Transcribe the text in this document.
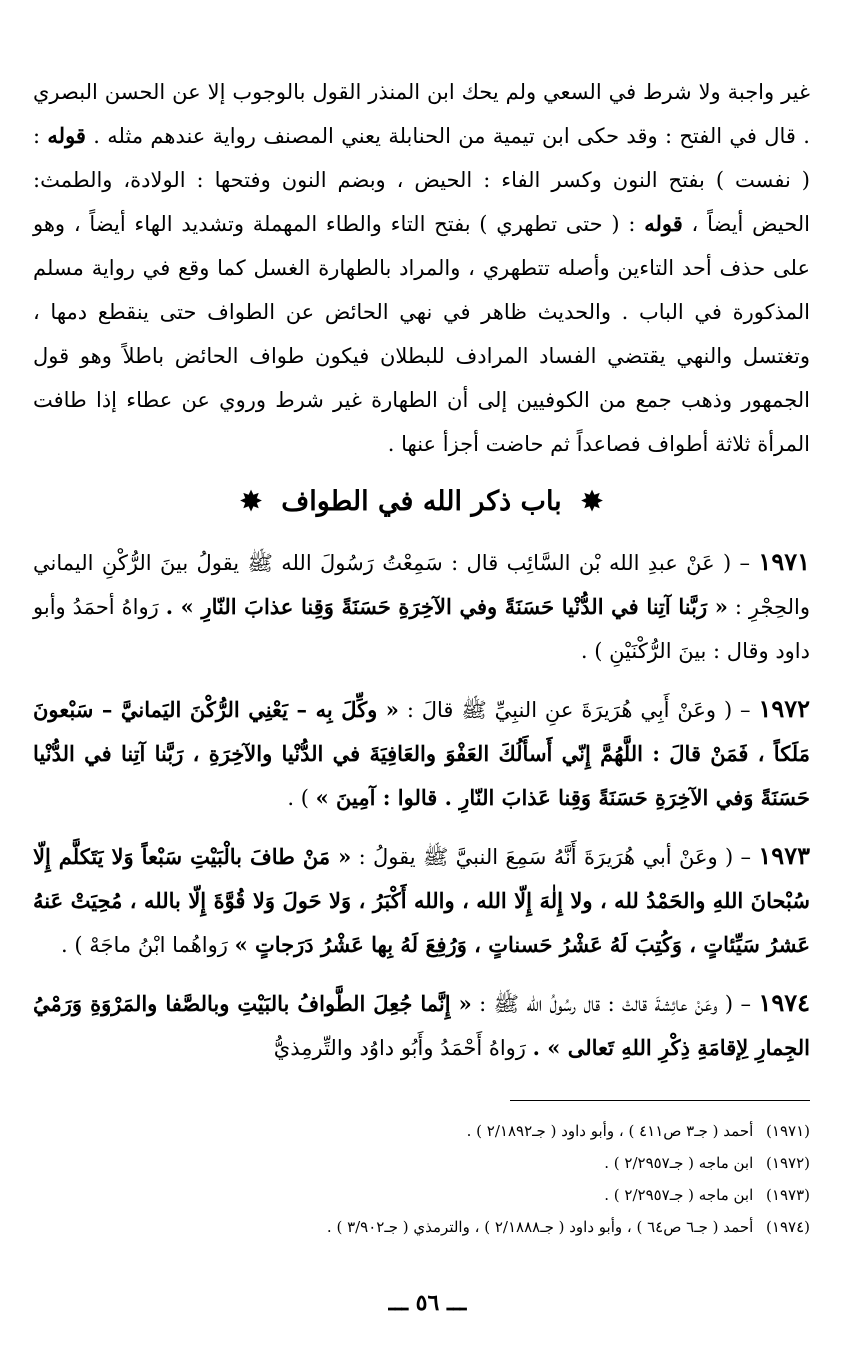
غير واجبة ولا شرط في السعي ولم يحك ابن المنذر القول بالوجوب إلا عن الحسن البصري . قال في الفتح : وقد حكى ابن تيمية من الحنابلة يعني المصنف رواية عندهم مثله . قوله : ( نفست ) بفتح النون وكسر الفاء : الحيض ، وبضم النون وفتحها : الولادة، والطمث: الحيض أيضاً ، قوله : ( حتى تطهري ) بفتح التاء والطاء المهملة وتشديد الهاء أيضاً ، وهو على حذف أحد التاءين وأصله تتطهري ، والمراد بالطهارة الغسل كما وقع في رواية مسلم المذكورة في الباب . والحديث ظاهر في نهي الحائض عن الطواف حتى ينقطع دمها ، وتغتسل والنهي يقتضي الفساد المرادف للبطلان فيكون طواف الحائض باطلاً وهو قول الجمهور وذهب جمع من الكوفيين إلى أن الطهارة غير شرط وروي عن عطاء إذا طافت المرأة ثلاثة أطواف فصاعداً ثم حاضت أجزأ عنها .

✸ باب ذكر الله في الطواف ✸

١٩٧١ – ( عَنْ عبدِ الله بْن السَّائِب قال : سَمِعْتُ رَسُولَ الله ﷺ يقولُ بينَ الرُّكْنِ اليماني والحِجْرِ : « رَبَّنا آتِنا في الدُّنْيا حَسَنَةً وفي الآخِرَةِ حَسَنَةً وَقِنا عذابَ النّارِ » . رَواهُ أحمَدُ وأبو داود وقال : بينَ الرُّكْنَيْنِ ) .

١٩٧٢ – ( وعَنْ أَبِي هُرَيرَةَ عنِ النبِيِّ ﷺ قالَ : « وكِّلَ بِه – يَعْنِي الرُّكْنَ اليَمانيَّ – سَبْعونَ مَلَكاً ، فَمَنْ قالَ : اللَّهُمَّ إِنّي أَسأَلُكَ العَفْوَ والعَافِيَةَ في الدُّنْيا والآخِرَةِ ، رَبَّنا آتِنا في الدُّنْيا حَسَنَةً وَفي الآخِرَةِ حَسَنَةً وَقِنا عَذابَ النّارِ . قالوا : آمِينَ » ) .

١٩٧٣ – ( وعَنْ أبي هُرَيرَةَ أَنَّهُ سَمِعَ النبيَّ ﷺ يقولُ : « مَنْ طافَ بالْبَيْتِ سَبْعاً وَلا يَتَكلَّم إِلّا سُبْحانَ اللهِ والحَمْدُ لله ، ولا إِلٰهَ إِلّا الله ، والله أَكْبَرُ ، وَلا حَولَ وَلا قُوَّةَ إِلّا بالله ، مُحِيَتْ عَنهُ عَشرُ سَيِّئاتٍ ، وَكُتِبَ لَهُ عَشْرُ حَسناتٍ ، وَرُفِعَ لَهُ بِها عَشْرُ دَرَجاتٍ » رَواهُما ابْنُ ماجَهْ ) .

١٩٧٤ – ( وعَنْ عائِشةَ قالتْ : قال رسُولُ الله ﷺ : « إِنَّما جُعِلَ الطَّوافُ بالبَيْتِ وبالصَّفا والمَرْوَةِ وَرَمْيُ الجِمارِ لِإقامَةِ ذِكْرِ اللهِ تَعالى » . رَواهُ أَحْمَدُ وأَبُو داوُد والتِّرمِذيُّ

(١٩٧١) أحمد ( جـ٣ ص٤١١ ) ، وأبو داود ( جـ٢/١٨٩٢ ) .

(١٩٧٢) ابن ماجه ( جـ٢/٢٩٥٧ ) .

(١٩٧٣) ابن ماجه ( جـ٢/٢٩٥٧ ) .

(١٩٧٤) أحمد ( جـ٦ ص٦٤ ) ، وأبو داود ( جـ٢/١٨٨٨ ) ، والترمذي ( جـ٣/٩٠٢ ) .

ـــ ٥٦ ـــ
